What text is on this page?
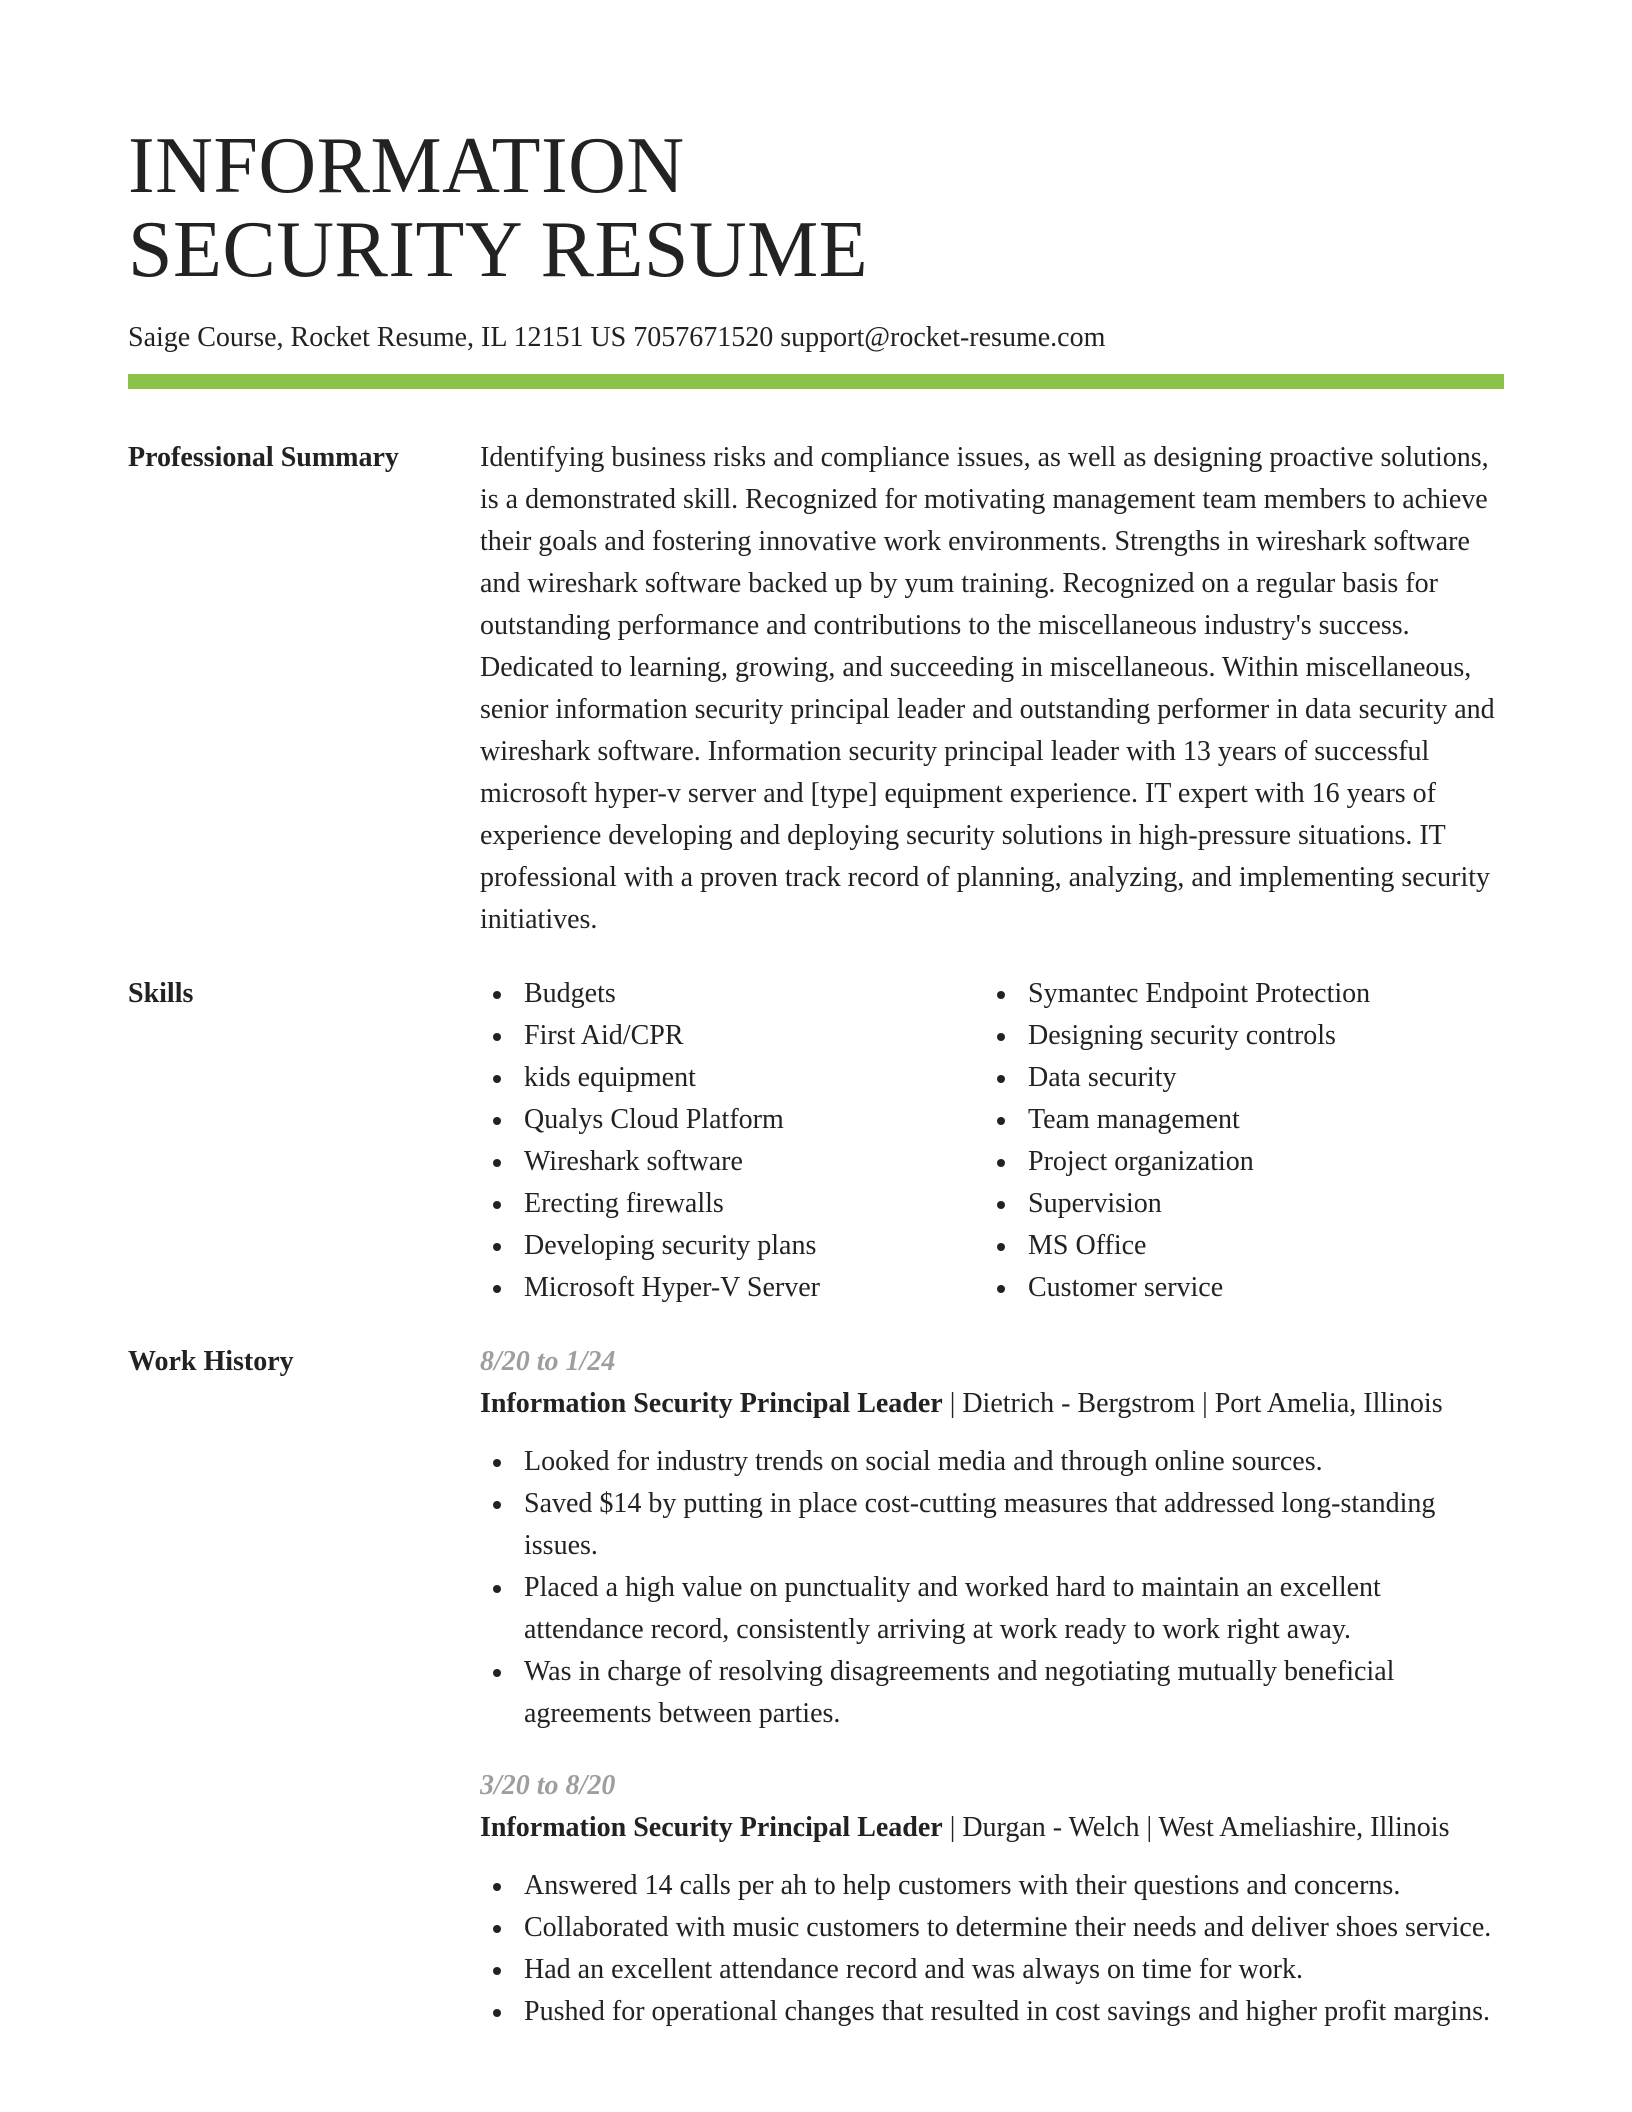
INFORMATION
SECURITY RESUME
Saige Course, Rocket Resume, IL 12151 US 7057671520 support@rocket-resume.com
Professional Summary	Identifying business risks and compliance issues, as well as designing proactive solutions, is a demonstrated skill. Recognized for motivating management team members to achieve their goals and fostering innovative work environments. Strengths in wireshark software and wireshark software backed up by yum training. Recognized on a regular basis for outstanding performance and contributions to the miscellaneous industry's success. Dedicated to learning, growing, and succeeding in miscellaneous. Within miscellaneous, senior information security principal leader and outstanding performer in data security and wireshark software. Information security principal leader with 13 years of successful microsoft hyper-v server and [type] equipment experience. IT expert with 16 years of experience developing and deploying security solutions in high-pressure situations. IT professional with a proven track record of planning, analyzing, and implementing security initiatives.

Skills	Budgets
First Aid/CPR
kids equipment
Qualys Cloud Platform
Wireshark software
Erecting firewalls
Developing security plans
Microsoft Hyper-V Server
Symantec Endpoint Protection
Designing security controls
Data security
Team management
Project organization
Supervision
MS Office
Customer service
Work History	8/20 to 1/24
Information Security Principal Leader | Dietrich - Bergstrom | Port Amelia, Illinois
Looked for industry trends on social media and through online sources.
Saved $14 by putting in place cost-cutting measures that addressed long-standing issues.
Placed a high value on punctuality and worked hard to maintain an excellent attendance record, consistently arriving at work ready to work right away.
Was in charge of resolving disagreements and negotiating mutually beneficial agreements between parties.
3/20 to 8/20
Information Security Principal Leader | Durgan - Welch | West Ameliashire, Illinois
Answered 14 calls per ah to help customers with their questions and concerns.
Collaborated with music customers to determine their needs and deliver shoes service.
Had an excellent attendance record and was always on time for work.
Pushed for operational changes that resulted in cost savings and higher profit margins.
